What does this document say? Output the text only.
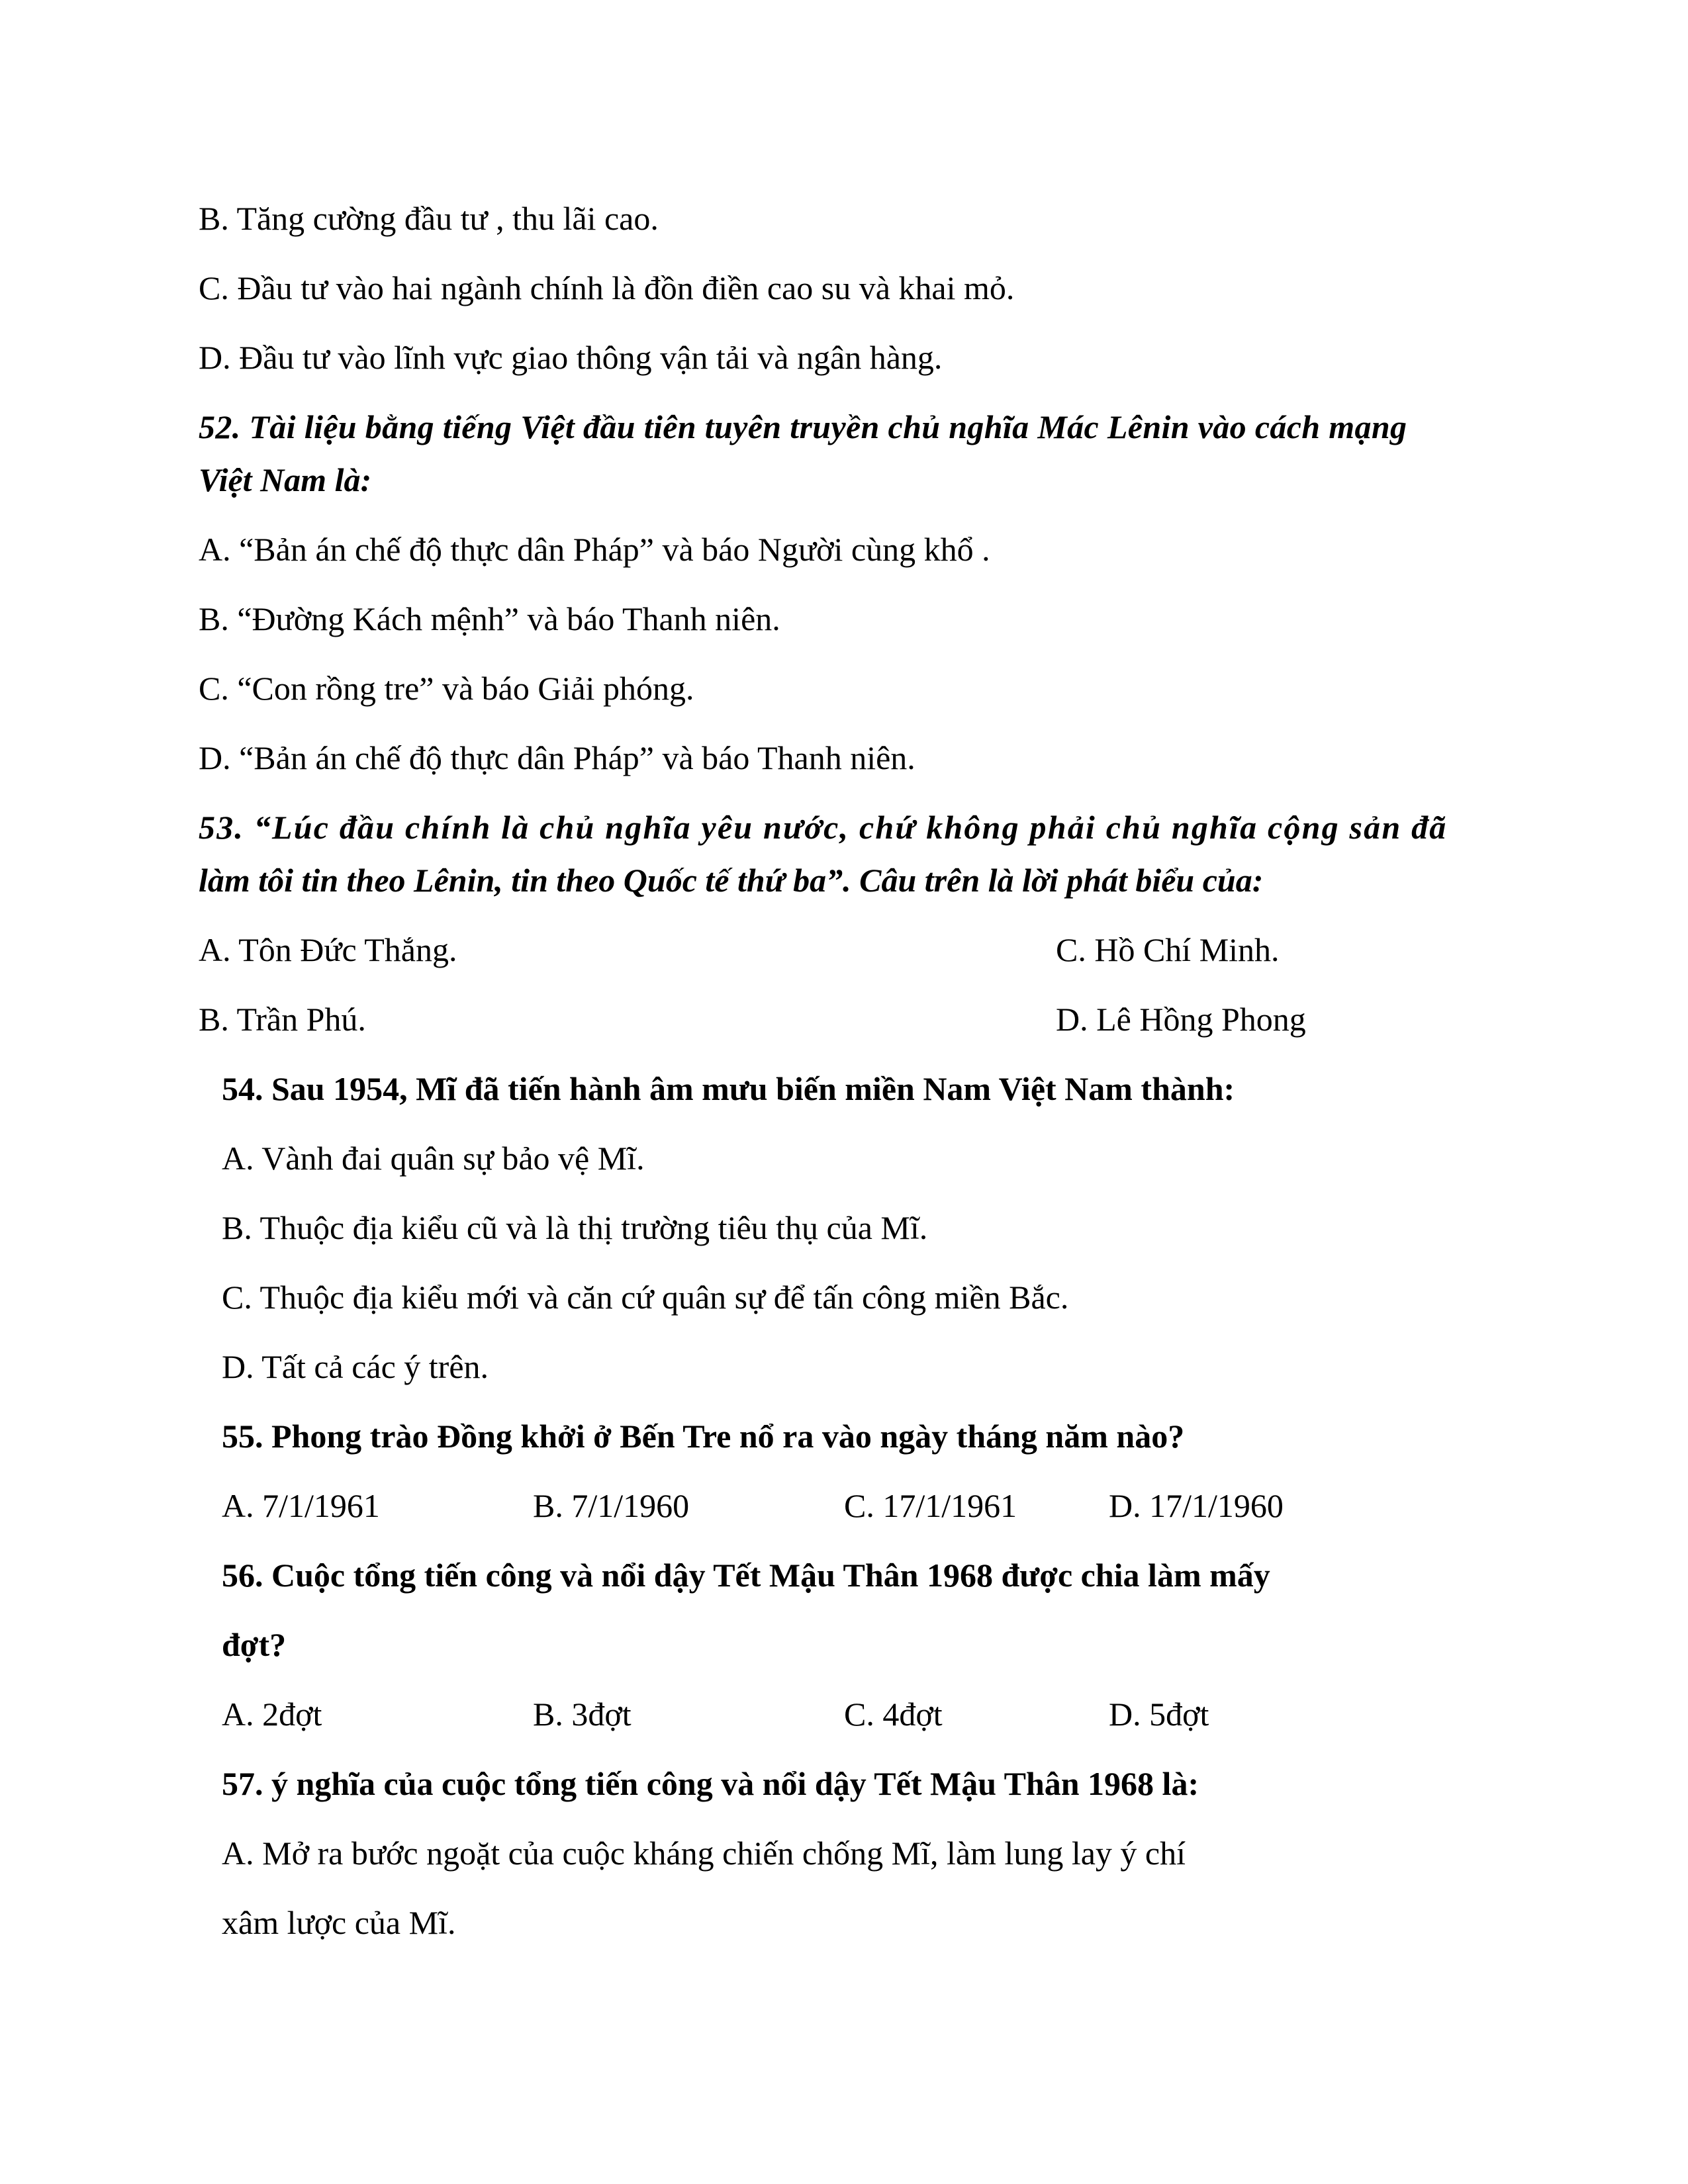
B. Tăng cường đầu tư , thu lãi cao.
C. Đầu tư vào hai ngành chính là đồn điền cao su và khai mỏ.
D. Đầu tư vào lĩnh vực giao thông vận tải và ngân hàng.
52. Tài liệu bằng tiếng Việt đầu tiên tuyên truyền chủ nghĩa Mác Lênin vào cách mạng
Việt Nam là:
A. “Bản án chế độ thực dân Pháp” và báo Người cùng khổ .
B. “Đường Kách mệnh” và báo Thanh niên.
C. “Con rồng tre” và báo Giải phóng.
D. “Bản án chế độ thực dân Pháp” và báo Thanh niên.
53. “Lúc đầu chính là chủ nghĩa yêu nước, chứ không phải chủ nghĩa cộng sản đã
làm tôi tin theo Lênin, tin theo Quốc tế thứ ba”. Câu trên là lời phát biểu của:
A. Tôn Đức Thắng.	C. Hồ Chí Minh.
B. Trần Phú.	D. Lê Hồng Phong
54. Sau 1954, Mĩ đã tiến hành âm mưu biến miền Nam Việt Nam thành:
A. Vành đai quân sự bảo vệ Mĩ.
B. Thuộc địa kiểu cũ và là thị trường tiêu thụ của Mĩ.
C. Thuộc địa kiểu mới và căn cứ quân sự để tấn công miền Bắc.
D. Tất cả các ý trên.
55. Phong trào Đồng khởi ở Bến Tre nổ ra vào ngày tháng năm nào?
A. 7/1/1961	B. 7/1/1960	C. 17/1/1961	D. 17/1/1960
56. Cuộc tổng tiến công và nổi dậy Tết Mậu Thân 1968 được chia làm mấy
đợt?
A. 2đợt	B. 3đợt	C. 4đợt	D. 5đợt
57. ý nghĩa của cuộc tổng tiến công và nổi dậy Tết Mậu Thân 1968 là:
A. Mở ra bước ngoặt của cuộc kháng chiến chống Mĩ, làm lung lay ý chí
xâm lược của Mĩ.
